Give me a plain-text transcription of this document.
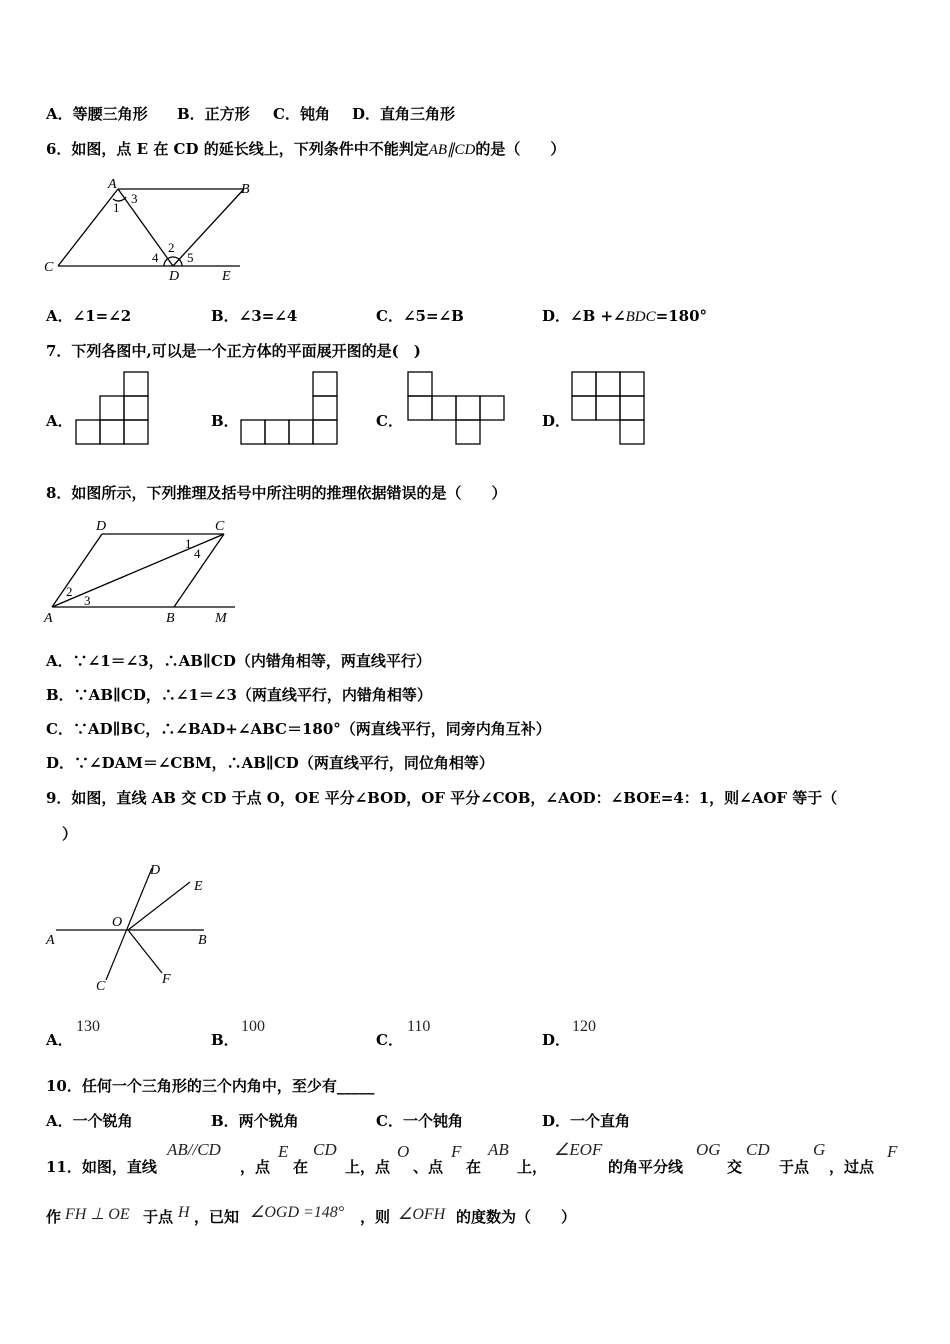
A．等腰三角形 B．正方形 C．钝角 D．直角三角形
6．如图，点 E 在 CD 的延长线上，下列条件中不能判定AB∥CD的是（　　）
A	B
C
D	E
1
2
3
4 5
A．∠1=∠2	B．∠3=∠4	C．∠5=∠B	D．∠B +∠BDC=180°
7．下列各图中,可以是一个正方体的平面展开图的是(　)
A．	B．	C．	D．
8．如图所示，下列推理及括号中所注明的推理依据错误的是（　　）
D	C
A	B	M
1
2
3
4
A．∵∠1＝∠3，∴AB∥CD（内错角相等，两直线平行）
B．∵AB∥CD，∴∠1＝∠3（两直线平行，内错角相等）
C．∵AD∥BC，∴∠BAD+∠ABC＝180°（两直线平行，同旁内角互补）
D．∵∠DAM＝∠CBM，∴AB∥CD（两直线平行，同位角相等）
9．如图，直线 AB 交 CD 于点 O，OE 平分∠BOD，OF 平分∠COB，∠AOD：∠BOE=4：1，则∠AOF 等于（
）
A	B
C
D
E
F
O
A．
130
B．
100
C．
110
D．
120
10．任何一个三角形的三个内角中，至少有_____
A．一个锐角	B．两个锐角	C．一个钝角	D．一个直角
11．如图，直线
AB//CD
，点
E
在
CD
上，点
O
、点
F
在
AB
上，
∠EOF
的角平分线
OG
交
CD
于点
G
，过点
F
作 FH ⊥ OE 于点 H ，已知 ∠OGD =148° ，则 ∠OFH 的度数为（　　）
